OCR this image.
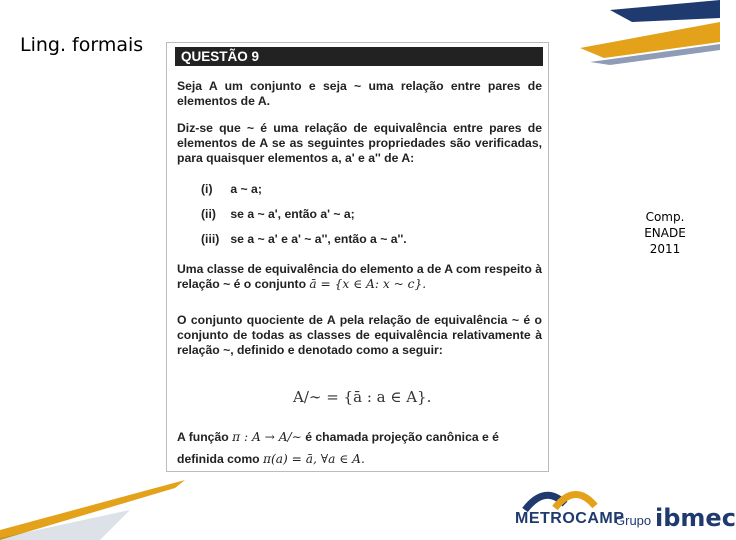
Ling. formais
QUESTÃO 9
Seja A um conjunto e seja ~ uma relação entre pares de elementos de A.
Diz-se que ~ é uma relação de equivalência entre pares de elementos de A se as seguintes propriedades são verificadas, para quaisquer elementos a, a' e a'' de A:
(i) a ~ a;
(ii) se a ~ a', então a' ~ a;
(iii) se a ~ a' e a' ~ a'', então a ~ a''.
Uma classe de equivalência do elemento a de A com respeito à relação ~ é o conjunto ā = {x ∈ A: x ~ c}.
O conjunto quociente de A pela relação de equivalência ~ é o conjunto de todas as classes de equivalência relativamente à relação ~, definido e denotado como a seguir:
A/∼ = {ā : a ∈ A}.
A função π : A → A/∼ é chamada projeção canônica e é
definida como π(a) = ā, ∀a ∈ A.
Comp.
ENADE
2011
METROCAMP
Grupo ibmec
